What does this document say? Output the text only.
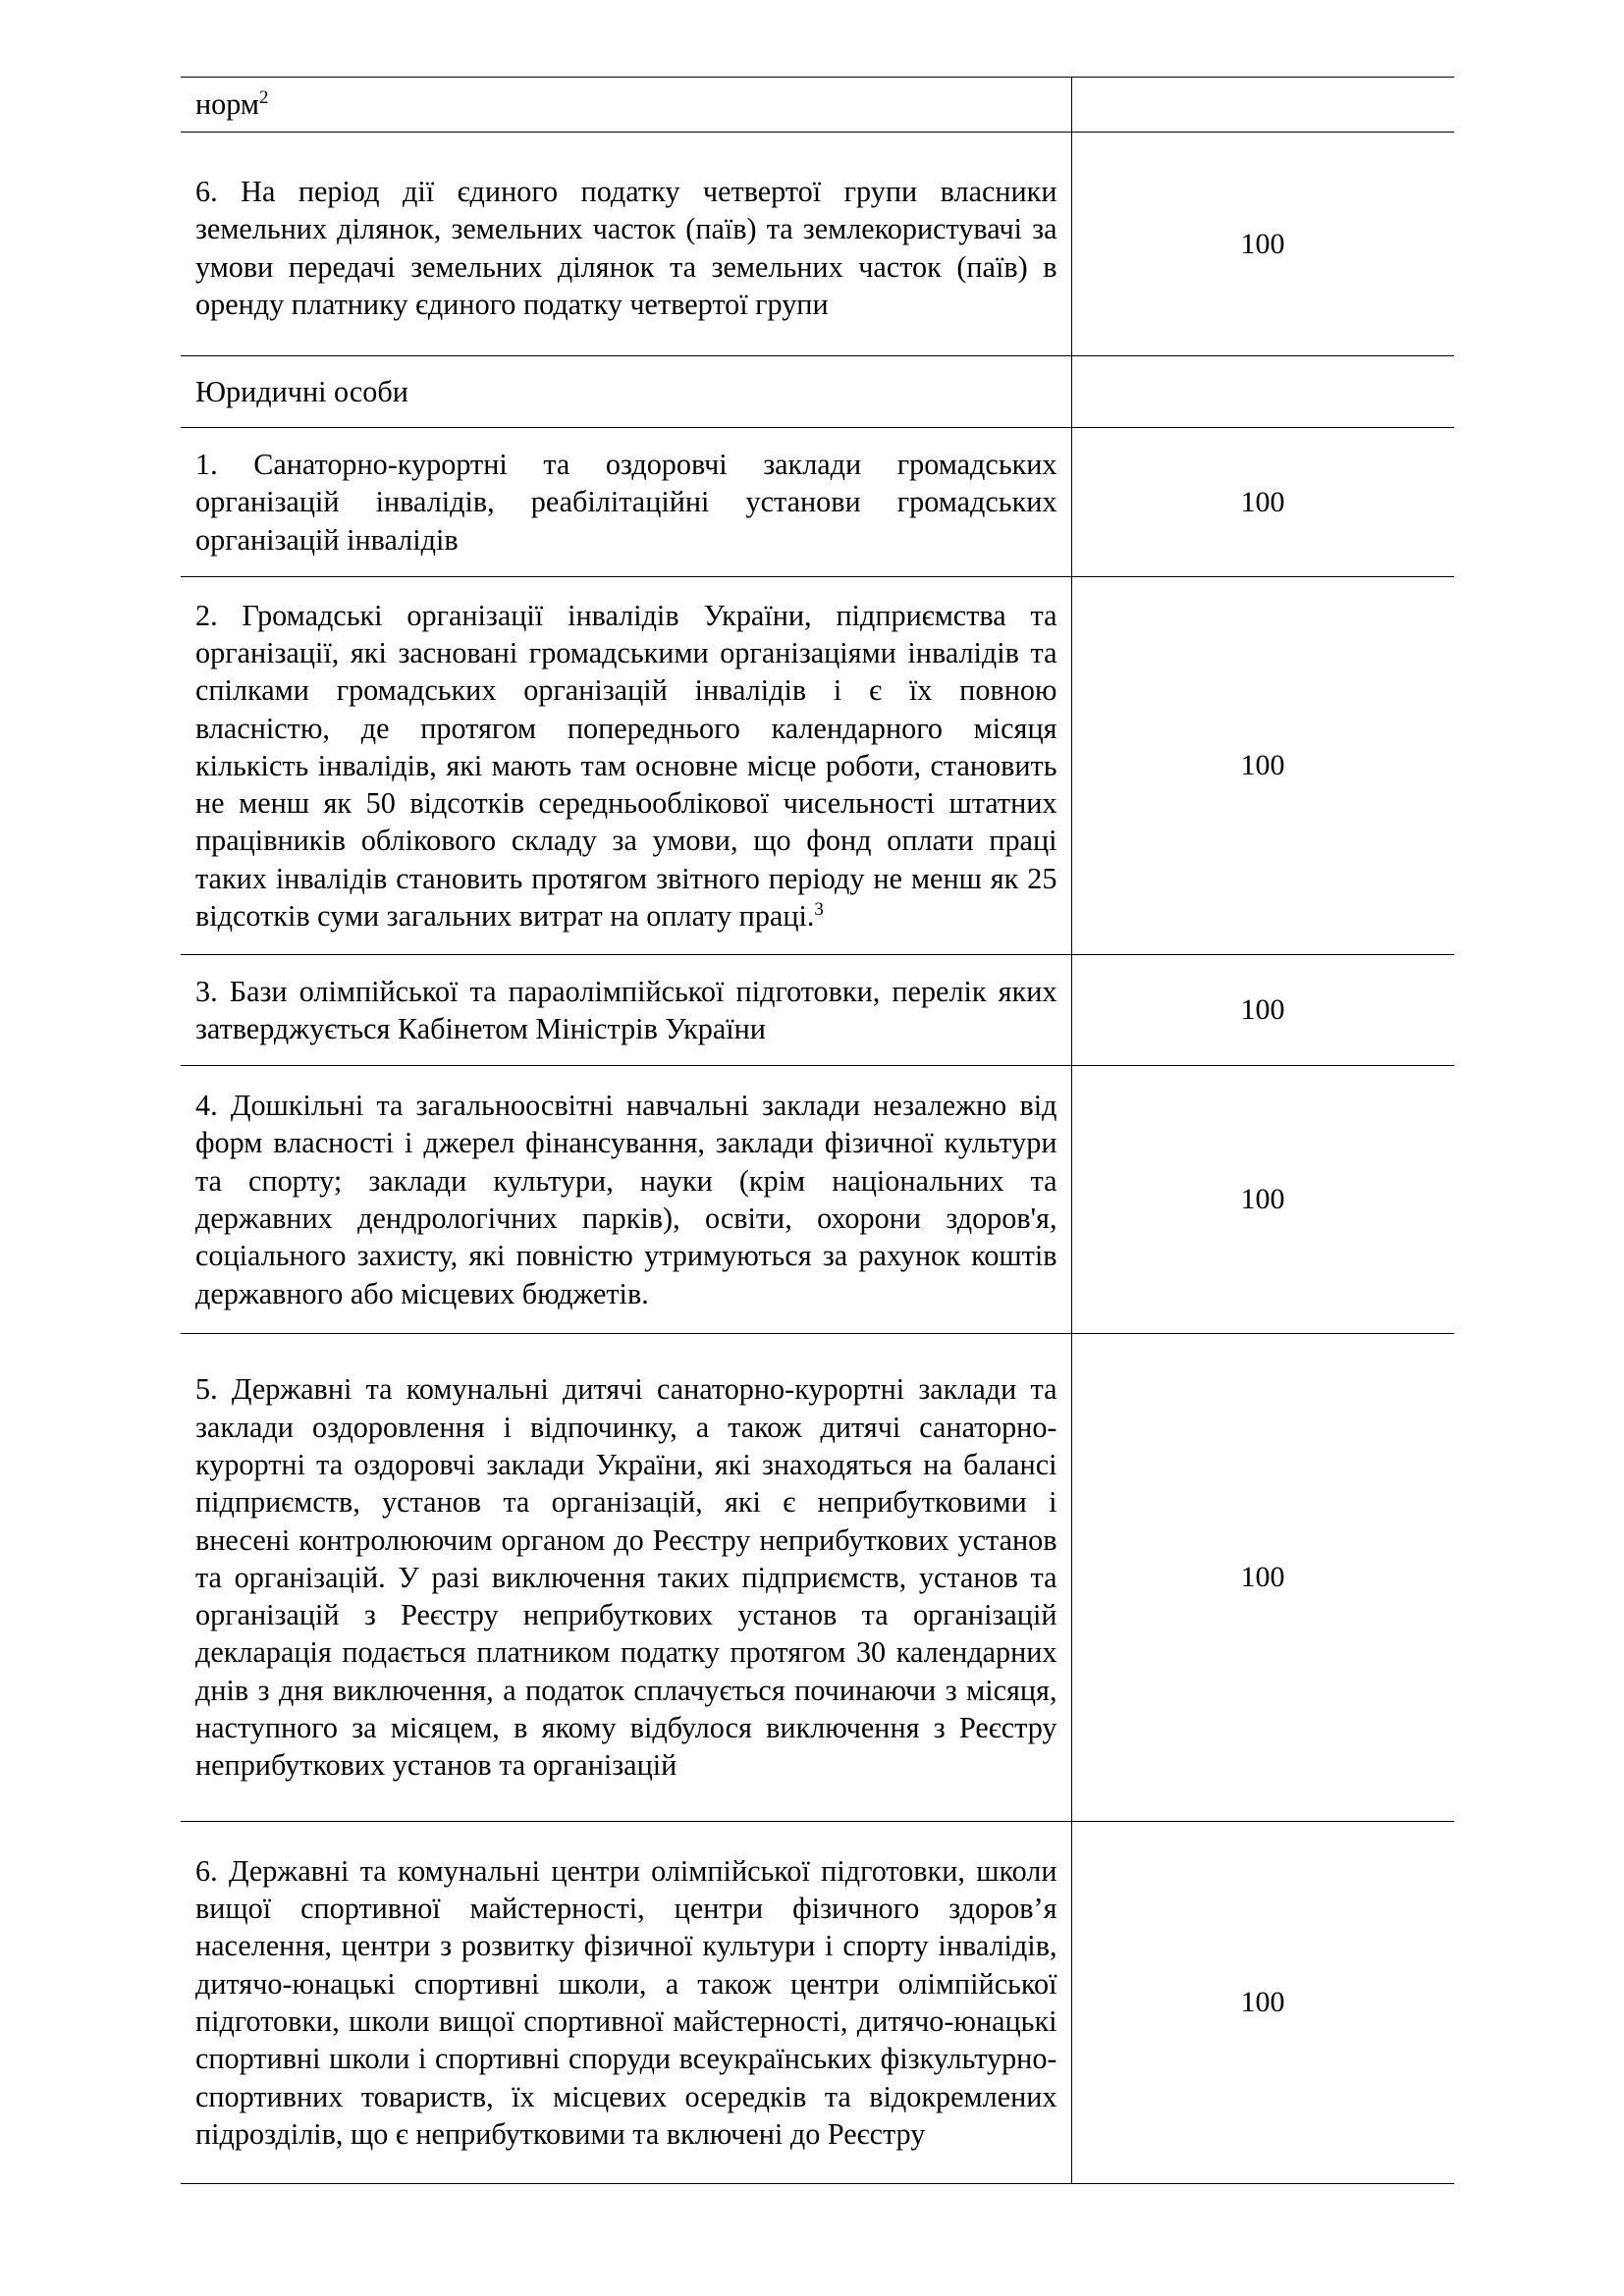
норм$^2$

6. На період дії єдиного податку четвертої групи власники земельних ділянок, земельних часток (паїв) та землекористувачі за умови передачі земельних ділянок та земельних часток (паїв) в оренду платнику єдиного податку четвертої групи	100

Юридичні особи	

1. Санаторно-курортні та оздоровчі заклади громадських організацій інвалідів, реабілітаційні установи громадських організацій інвалідів	100

2. Громадські організації інвалідів України, підприємства та організації, які засновані громадськими організаціями інвалідів та спілками громадських організацій інвалідів і є їх повною власністю, де протягом попереднього календарного місяця кількість інвалідів, які мають там основне місце роботи, становить не менш як 50 відсотків середньооблікової чисельності штатних працівників облікового складу за умови, що фонд оплати праці таких інвалідів становить протягом звітного періоду не менш як 25 відсотків суми загальних витрат на оплату праці.$^3$	100

3. Бази олімпійської та параолімпійської підготовки, перелік яких затверджується Кабінетом Міністрів України	100

4. Дошкільні та загальноосвітні навчальні заклади незалежно від форм власності і джерел фінансування, заклади фізичної культури та спорту; заклади культури, науки (крім національних та державних дендрологічних парків), освіти, охорони здоров'я, соціального захисту, які повністю утримуються за рахунок коштів державного або місцевих бюджетів.	100

5. Державні та комунальні дитячі санаторно-курортні заклади та заклади оздоровлення і відпочинку, а також дитячі санаторно-курортні та оздоровчі заклади України, які знаходяться на балансі підприємств, установ та організацій, які є неприбутковими і внесені контролюючим органом до Реєстру неприбуткових установ та організацій. У разі виключення таких підприємств, установ та організацій з Реєстру неприбуткових установ та організацій декларація подається платником податку протягом 30 календарних днів з дня виключення, а податок сплачується починаючи з місяця, наступного за місяцем, в якому відбулося виключення з Реєстру неприбуткових установ та організацій	100

6. Державні та комунальні центри олімпійської підготовки, школи вищої спортивної майстерності, центри фізичного здоров’я населення, центри з розвитку фізичної культури і спорту інвалідів, дитячо-юнацькі спортивні школи, а також центри олімпійської підготовки, школи вищої спортивної майстерності, дитячо-юнацькі спортивні школи і спортивні споруди всеукраїнських фізкультурно-спортивних товариств, їх місцевих осередків та відокремлених підрозділів, що є неприбутковими та включені до Реєстру	100
